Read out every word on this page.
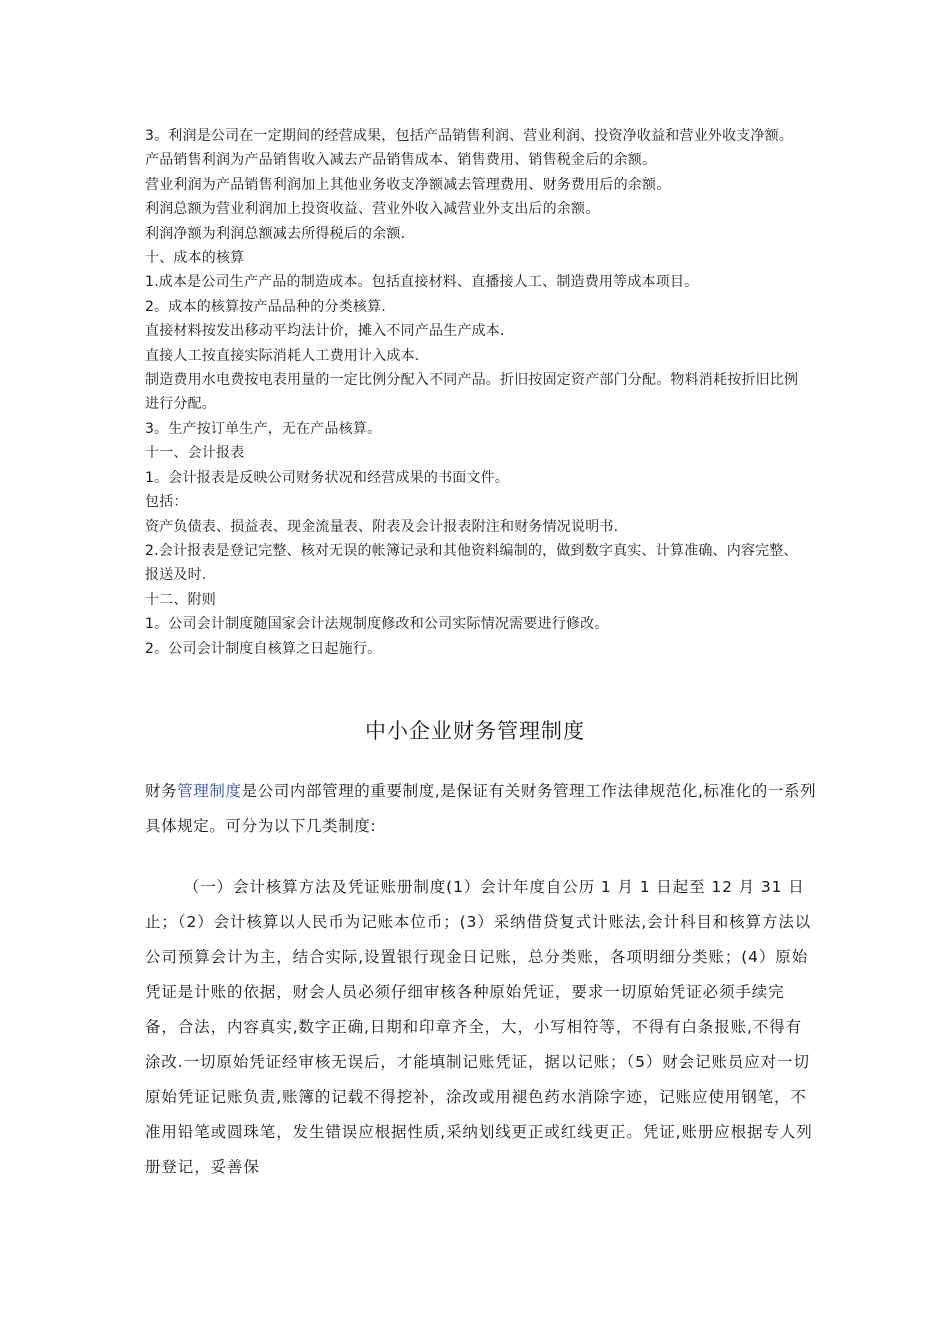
3。利润是公司在一定期间的经营成果，包括产品销售利润、营业利润、投资净收益和营业外收支净额。

产品销售利润为产品销售收入减去产品销售成本、销售费用、销售税金后的余额。

营业利润为产品销售利润加上其他业务收支净额减去管理费用、财务费用后的余额。

利润总额为营业利润加上投资收益、营业外收入减营业外支出后的余额。

利润净额为利润总额减去所得税后的余额.

十、成本的核算

1.成本是公司生产产品的制造成本。包括直接材料、直播接人工、制造费用等成本项目。

2。成本的核算按产品品种的分类核算.

直接材料按发出移动平均法计价，摊入不同产品生产成本.

直接人工按直接实际消耗人工费用计入成本.

制造费用水电费按电表用量的一定比例分配入不同产品。折旧按固定资产部门分配。物料消耗按折旧比例进行分配。

3。生产按订单生产，无在产品核算。

十一、会计报表

1。会计报表是反映公司财务状况和经营成果的书面文件。

包括：

资产负债表、损益表、现金流量表、附表及会计报表附注和财务情况说明书.

2.会计报表是登记完整、核对无误的帐簿记录和其他资料编制的，做到数字真实、计算准确、内容完整、报送及时.

十二、附则

1。公司会计制度随国家会计法规制度修改和公司实际情况需要进行修改。

2。公司会计制度自核算之日起施行。

中小企业财务管理制度

财务管理制度是公司内部管理的重要制度,是保证有关财务管理工作法律规范化,标准化的一系列具体规定。可分为以下几类制度:

（一）会计核算方法及凭证账册制度(1）会计年度自公历 1 月 1 日起至 12 月 31 日止；（2）会计核算以人民币为记账本位币；(3）采纳借贷复式计账法,会计科目和核算方法以公司预算会计为主，结合实际,设置银行现金日记账，总分类账，各项明细分类账；(4）原始凭证是计账的依据，财会人员必须仔细审核各种原始凭证，要求一切原始凭证必须手续完备，合法，内容真实,数字正确,日期和印章齐全，大，小写相符等，不得有白条报账,不得有涂改.一切原始凭证经审核无误后，才能填制记账凭证，据以记账；（5）财会记账员应对一切原始凭证记账负责,账簿的记载不得挖补，涂改或用褪色药水消除字迹，记账应使用钢笔，不准用铅笔或圆珠笔，发生错误应根据性质,采纳划线更正或红线更正。凭证,账册应根据专人列册登记，妥善保
